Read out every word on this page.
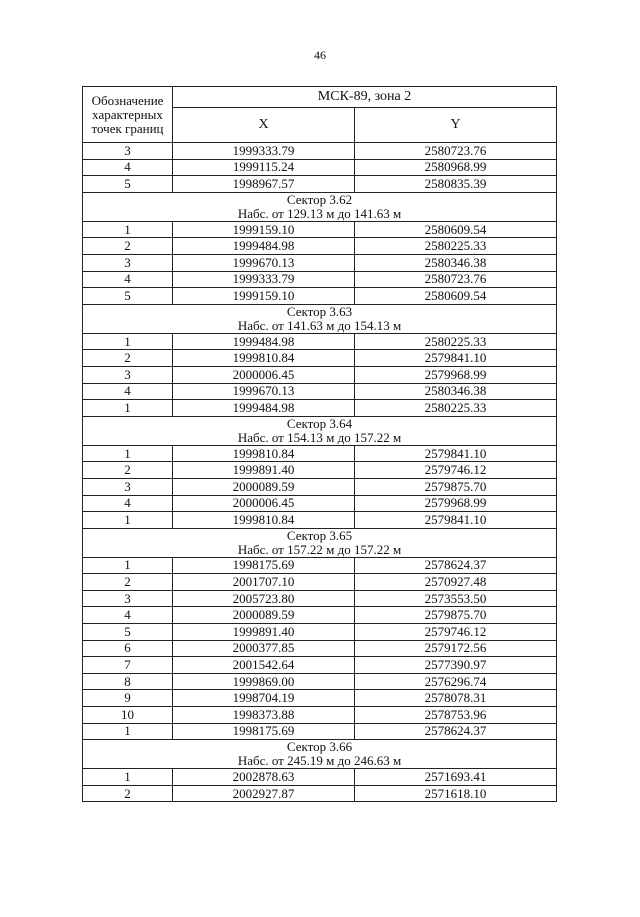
46
Обозначение характерных точек границ	МСК-89, зона 2	
	X	Y
3	1999333.79	2580723.76
4	1999115.24	2580968.99
5	1998967.57	2580835.39

Сектор 3.62
Набс. от 129.13 м до 141.63 м		

1	1999159.10	2580609.54
2	1999484.98	2580225.33
3	1999670.13	2580346.38
4	1999333.79	2580723.76
5	1999159.10	2580609.54

Сектор 3.63
Набс. от 141.63 м до 154.13 м		

1	1999484.98	2580225.33
2	1999810.84	2579841.10
3	2000006.45	2579968.99
4	1999670.13	2580346.38
1	1999484.98	2580225.33

Сектор 3.64
Набс. от 154.13 м до 157.22 м		

1	1999810.84	2579841.10
2	1999891.40	2579746.12
3	2000089.59	2579875.70
4	2000006.45	2579968.99
1	1999810.84	2579841.10

Сектор 3.65
Набс. от 157.22 м до 157.22 м		

1	1998175.69	2578624.37
2	2001707.10	2570927.48
3	2005723.80	2573553.50
4	2000089.59	2579875.70
5	1999891.40	2579746.12
6	2000377.85	2579172.56
7	2001542.64	2577390.97
8	1999869.00	2576296.74
9	1998704.19	2578078.31
10	1998373.88	2578753.96
1	1998175.69	2578624.37

Сектор 3.66
Набс. от 245.19 м до 246.63 м		

1	2002878.63	2571693.41
2	2002927.87	2571618.10
